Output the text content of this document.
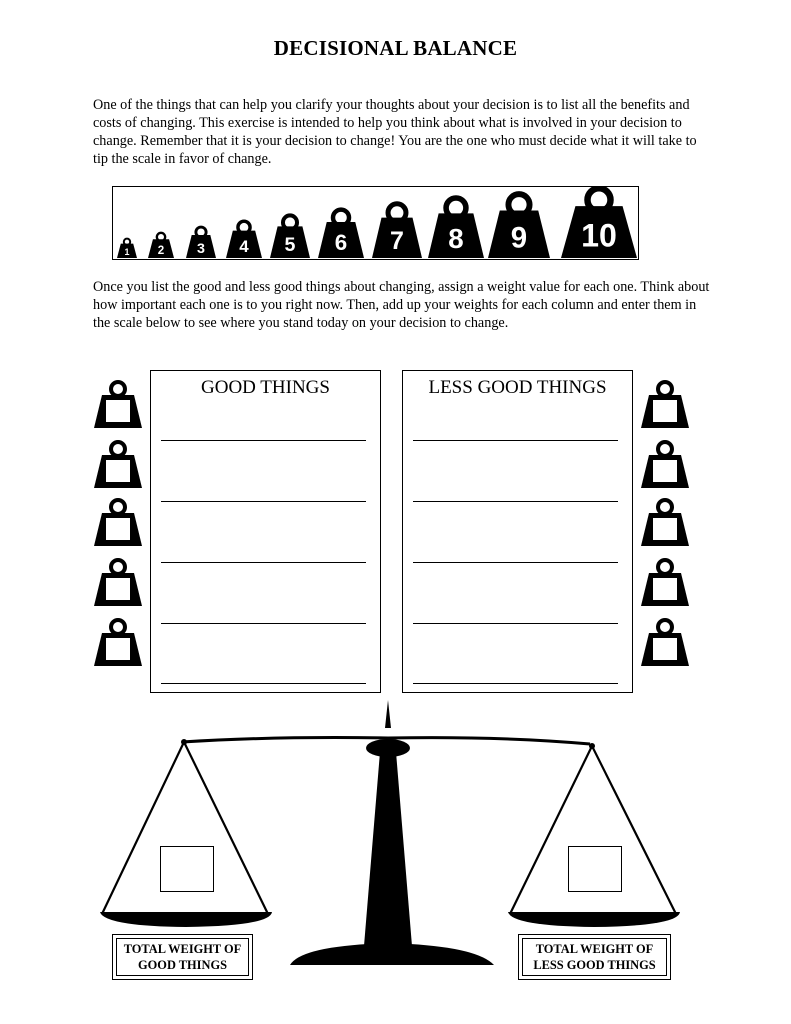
DECISIONAL BALANCE

One of the things that can help you clarify your thoughts about your decision is to list all the benefits and costs of changing. This exercise is intended to help you think about what is involved in your decision to change. Remember that it is your decision to change! You are the one who must decide what it will take to tip the scale in favor of change.

1 2 3 4 5 6 7 8 9 10

Once you list the good and less good things about changing, assign a weight value for each one. Think about how important each one is to you right now. Then, add up your weights for each column and enter them in the scale below to see where you stand today on your decision to change.

GOOD THINGS	LESS GOOD THINGS
TOTAL WEIGHT OF GOOD THINGS
TOTAL WEIGHT OF LESS GOOD THINGS
